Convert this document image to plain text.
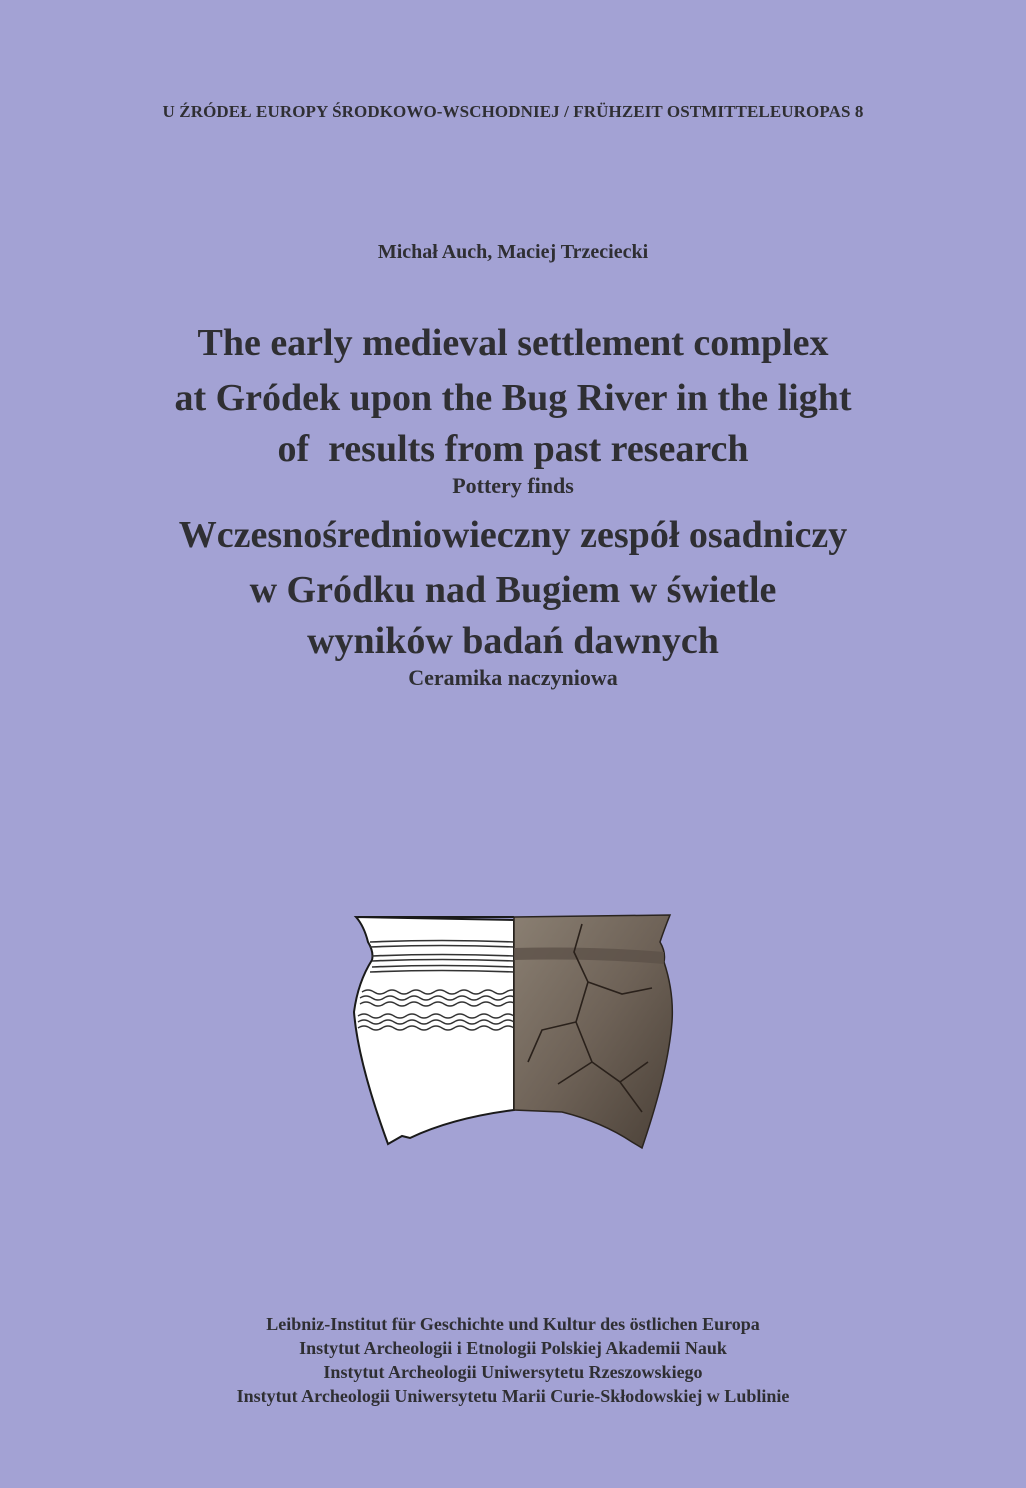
U ŹRÓDEŁ EUROPY ŚRODKOWO-WSCHODNIEJ / FRÜHZEIT OSTMITTELEUROPAS 8
Michał Auch, Maciej Trzeciecki
The early medieval settlement complex
at Gródek upon the Bug River in the light
of  results from past research
Pottery finds
Wczesnośredniowieczny zespół osadniczy
w Gródku nad Bugiem w świetle
wyników badań dawnych
Ceramika naczyniowa
Leibniz-Institut für Geschichte und Kultur des östlichen Europa
Instytut Archeologii i Etnologii Polskiej Akademii Nauk
Instytut Archeologii Uniwersytetu Rzeszowskiego
Instytut Archeologii Uniwersytetu Marii Curie-Skłodowskiej w Lublinie
